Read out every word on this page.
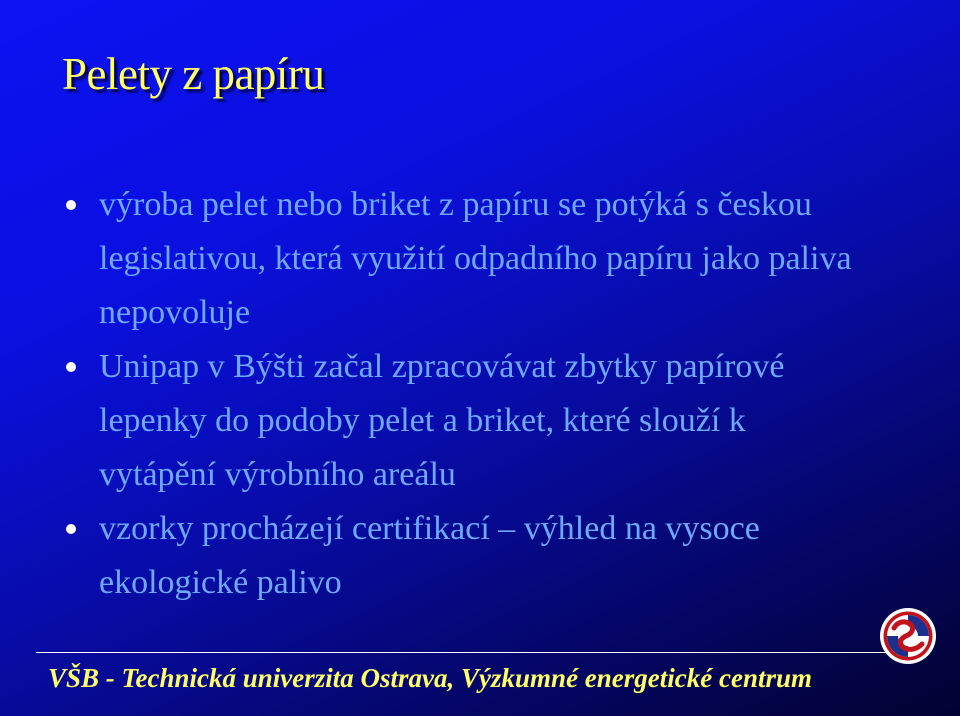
Pelety z papíru
výroba pelet nebo briket z papíru se potýká s českou legislativou, která využití odpadního papíru jako paliva nepovoluje
Unipap v Býšti začal zpracovávat zbytky papírové lepenky do podoby pelet a briket, které slouží k vytápění výrobního areálu
vzorky procházejí certifikací – výhled na vysoce ekologické palivo

VŠB - Technická univerzita Ostrava, Výzkumné energetické centrum
